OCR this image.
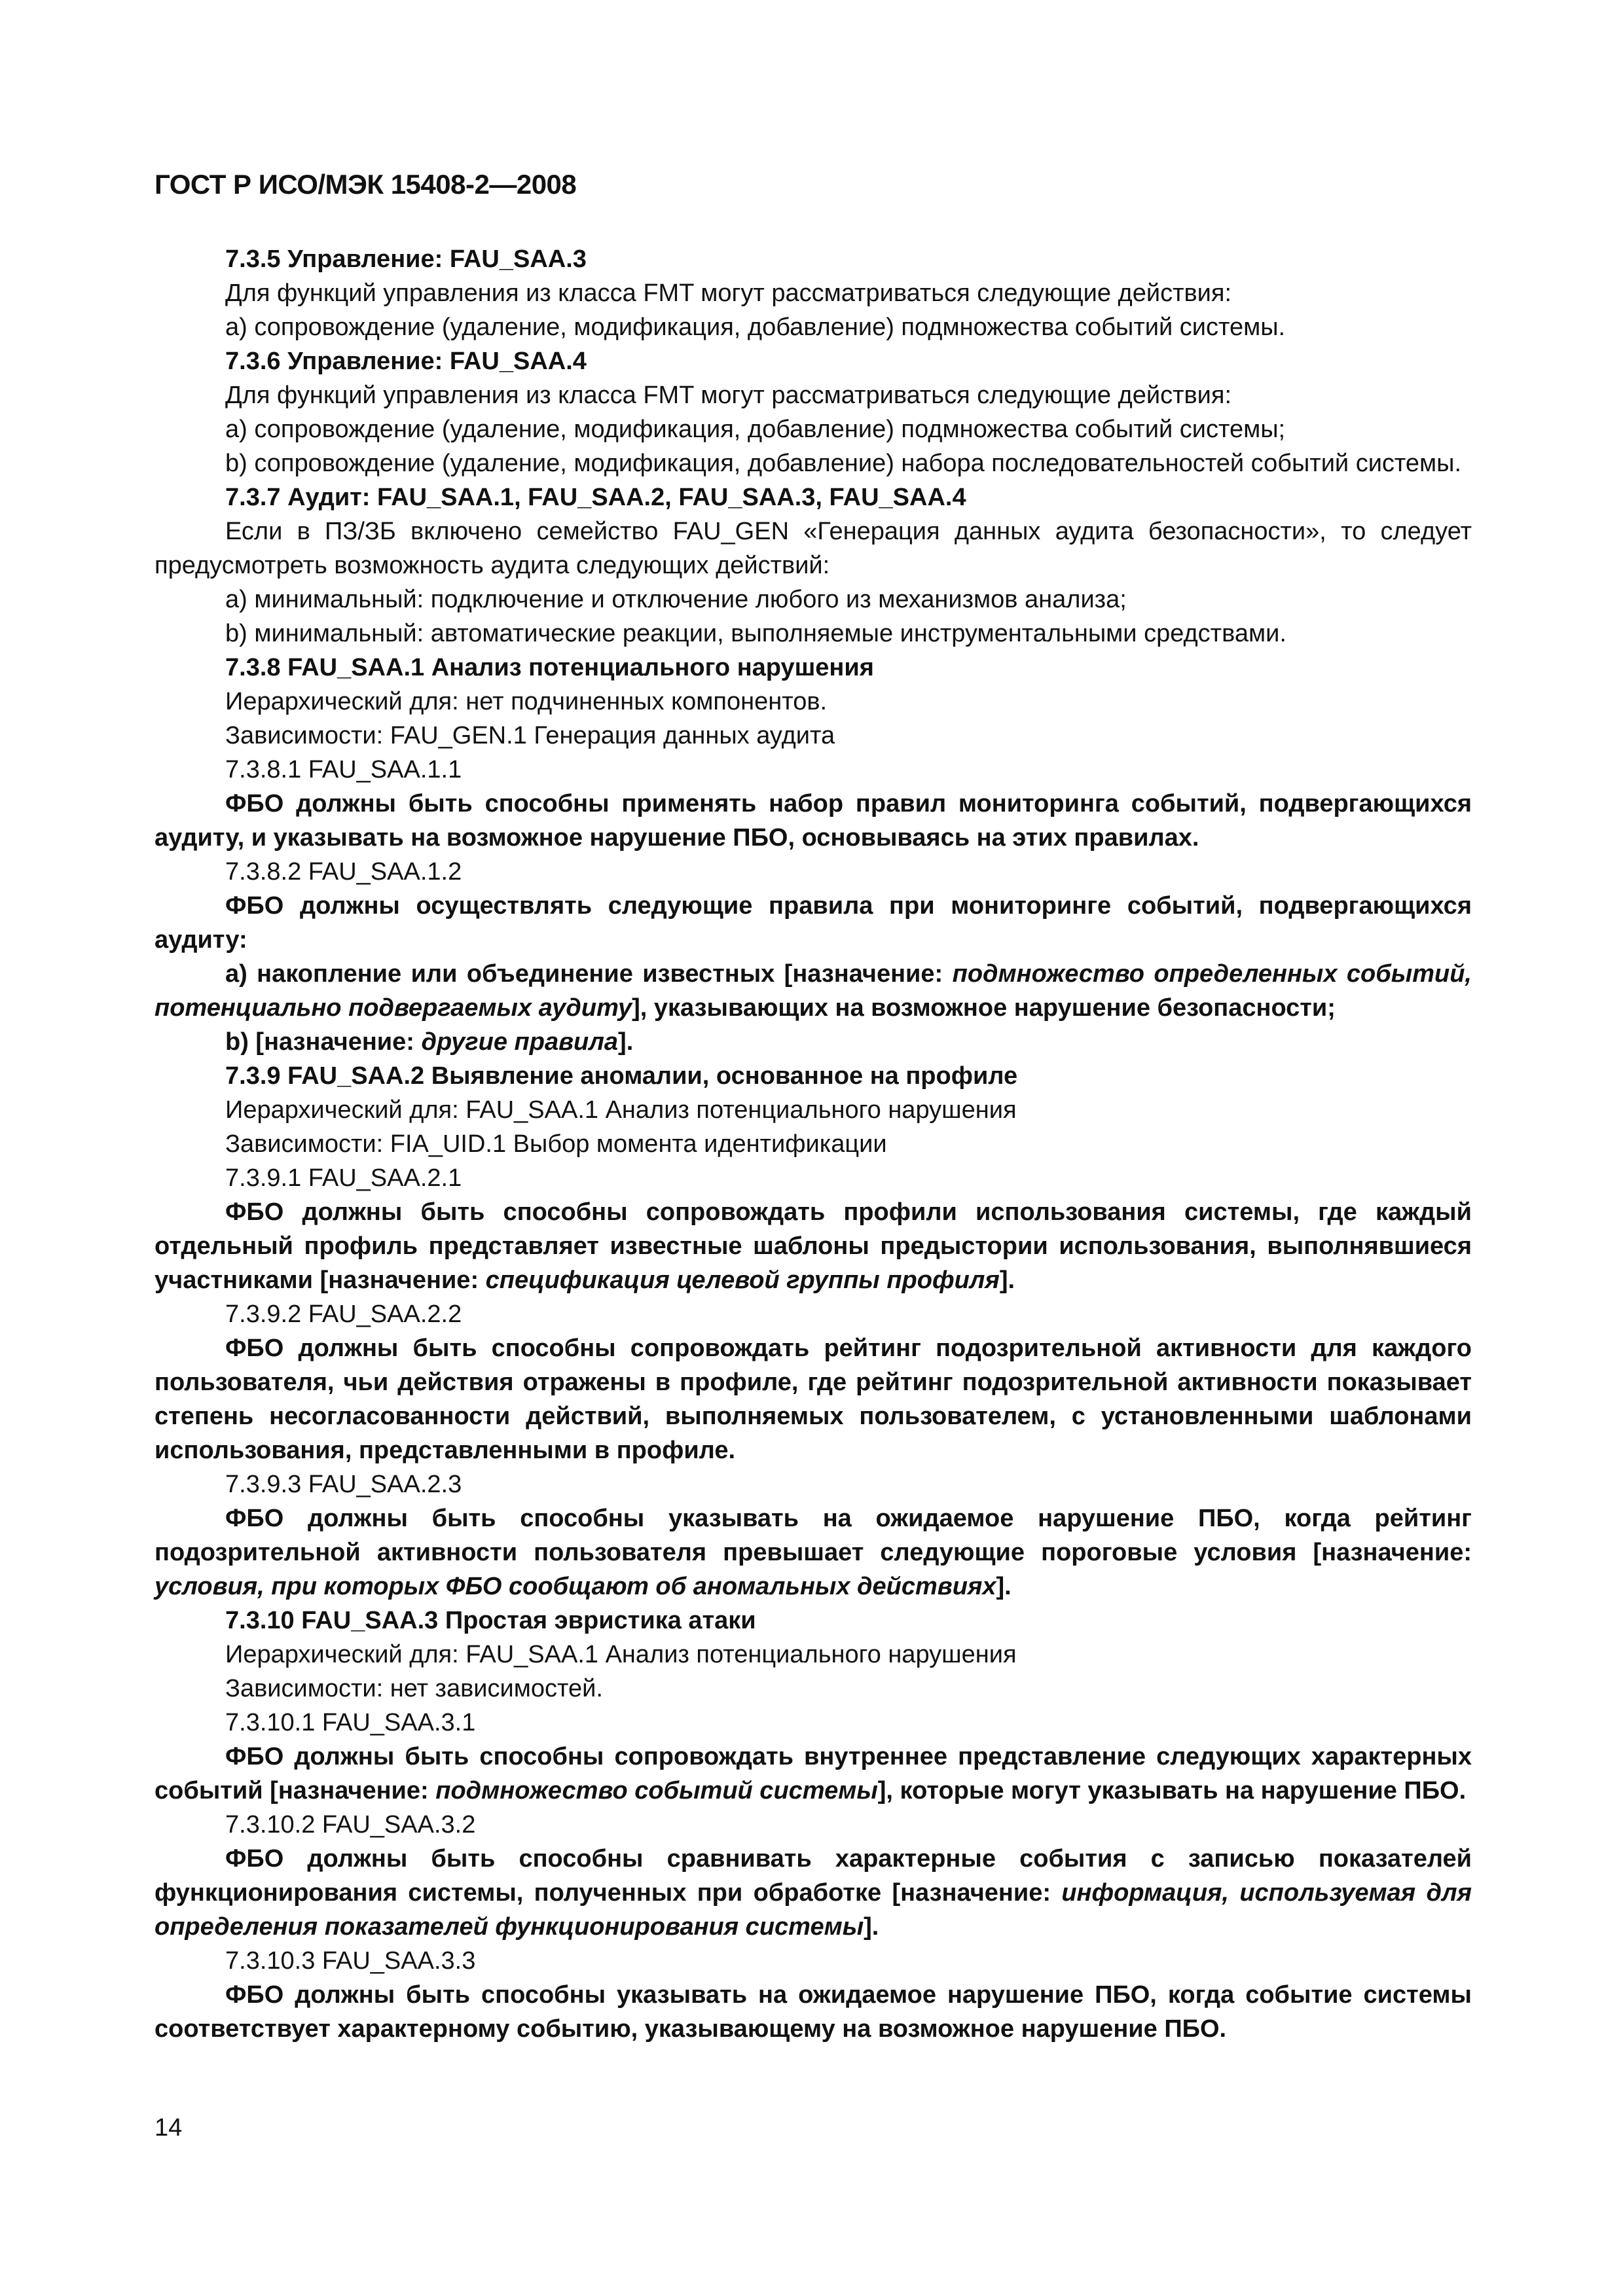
ГОСТ Р ИСО/МЭК 15408-2—2008

7.3.5 Управление: FAU_SAA.3

Для функций управления из класса FMT могут рассматриваться следующие действия:

a) сопровождение (удаление, модификация, добавление) подмножества событий системы.

7.3.6 Управление: FAU_SAA.4

Для функций управления из класса FMT могут рассматриваться следующие действия:

a) сопровождение (удаление, модификация, добавление) подмножества событий системы;

b) сопровождение (удаление, модификация, добавление) набора последовательностей событий системы.

7.3.7 Аудит: FAU_SAA.1, FAU_SAA.2, FAU_SAA.3, FAU_SAA.4

Если в ПЗ/ЗБ включено семейство FAU_GEN «Генерация данных аудита безопасности», то следует предусмотреть возможность аудита следующих действий:

a) минимальный: подключение и отключение любого из механизмов анализа;

b) минимальный: автоматические реакции, выполняемые инструментальными средствами.

7.3.8 FAU_SAA.1 Анализ потенциального нарушения

Иерархический для: нет подчиненных компонентов.

Зависимости: FAU_GEN.1 Генерация данных аудита

7.3.8.1 FAU_SAA.1.1

ФБО должны быть способны применять набор правил мониторинга событий, подвергающихся аудиту, и указывать на возможное нарушение ПБО, основываясь на этих правилах.

7.3.8.2 FAU_SAA.1.2

ФБО должны осуществлять следующие правила при мониторинге событий, подвергающихся аудиту:

a) накопление или объединение известных [назначение: подмножество определенных событий, потенциально подвергаемых аудиту], указывающих на возможное нарушение безопасности;

b) [назначение: другие правила].

7.3.9 FAU_SAA.2 Выявление аномалии, основанное на профиле

Иерархический для: FAU_SAA.1 Анализ потенциального нарушения

Зависимости: FIA_UID.1 Выбор момента идентификации

7.3.9.1 FAU_SAA.2.1

ФБО должны быть способны сопровождать профили использования системы, где каждый отдельный профиль представляет известные шаблоны предыстории использования, выполнявшиеся участниками [назначение: спецификация целевой группы профиля].

7.3.9.2 FAU_SAA.2.2

ФБО должны быть способны сопровождать рейтинг подозрительной активности для каждого пользователя, чьи действия отражены в профиле, где рейтинг подозрительной активности показывает степень несогласованности действий, выполняемых пользователем, с установленными шаблонами использования, представленными в профиле.

7.3.9.3 FAU_SAA.2.3

ФБО должны быть способны указывать на ожидаемое нарушение ПБО, когда рейтинг подозрительной активности пользователя превышает следующие пороговые условия [назначение: условия, при которых ФБО сообщают об аномальных действиях].

7.3.10 FAU_SAA.3 Простая эвристика атаки

Иерархический для: FAU_SAA.1 Анализ потенциального нарушения

Зависимости: нет зависимостей.

7.3.10.1 FAU_SAA.3.1

ФБО должны быть способны сопровождать внутреннее представление следующих характерных событий [назначение: подмножество событий системы], которые могут указывать на нарушение ПБО.

7.3.10.2 FAU_SAA.3.2

ФБО должны быть способны сравнивать характерные события с записью показателей функционирования системы, полученных при обработке [назначение: информация, используемая для определения показателей функционирования системы].

7.3.10.3 FAU_SAA.3.3

ФБО должны быть способны указывать на ожидаемое нарушение ПБО, когда событие системы соответствует характерному событию, указывающему на возможное нарушение ПБО.

14
